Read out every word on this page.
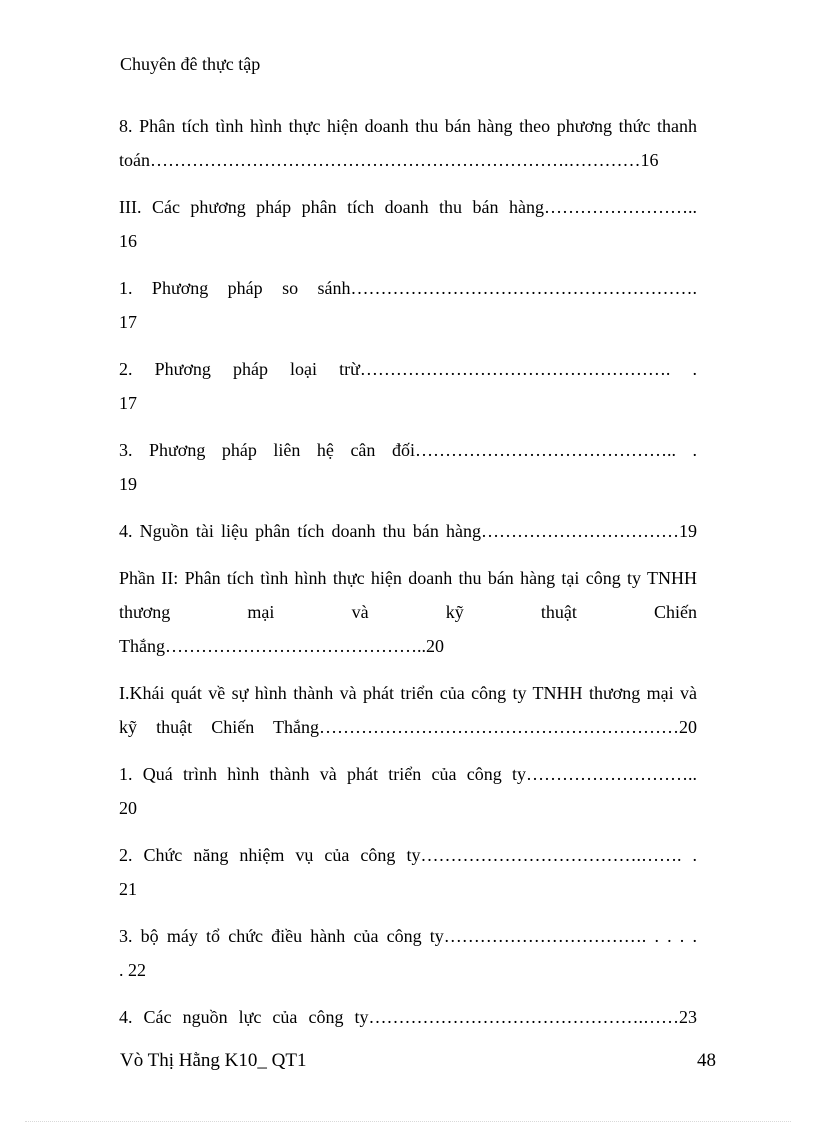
Chuyên đê thực tập
8. Phân tích tình hình thực hiện doanh thu bán hàng theo phương thức thanh
toán…………………………………………………………….…………16
III. Các phương pháp phân tích doanh thu bán hàng……………………..
16
1. Phương pháp so sánh………………………………………………….
17
2. Phương pháp loại trừ……………………………………………. .
17
3. Phương pháp liên hệ cân đối…………………………………….. .
19
4. Nguồn tài liệu phân tích doanh thu bán hàng……………………………19
Phần II: Phân tích tình hình thực hiện doanh thu bán hàng tại công ty TNHH
thương mại và kỹ thuật Chiến
Thắng……………………………………..20
I.Khái quát về sự hình thành và phát triển của công ty TNHH thương mại và
kỹ thuật Chiến Thắng……………………………………………………20
1. Quá trình hình thành và phát triển của công ty………………………..
20
2. Chức năng nhiệm vụ của công ty……………………………….……. .
21
3. bộ máy tổ chức điều hành của công ty……………………………. . . . .
. 22
4. Các nguồn lực của công ty……………………………………….……23
Vò Thị Hằng K10_ QT1	48
